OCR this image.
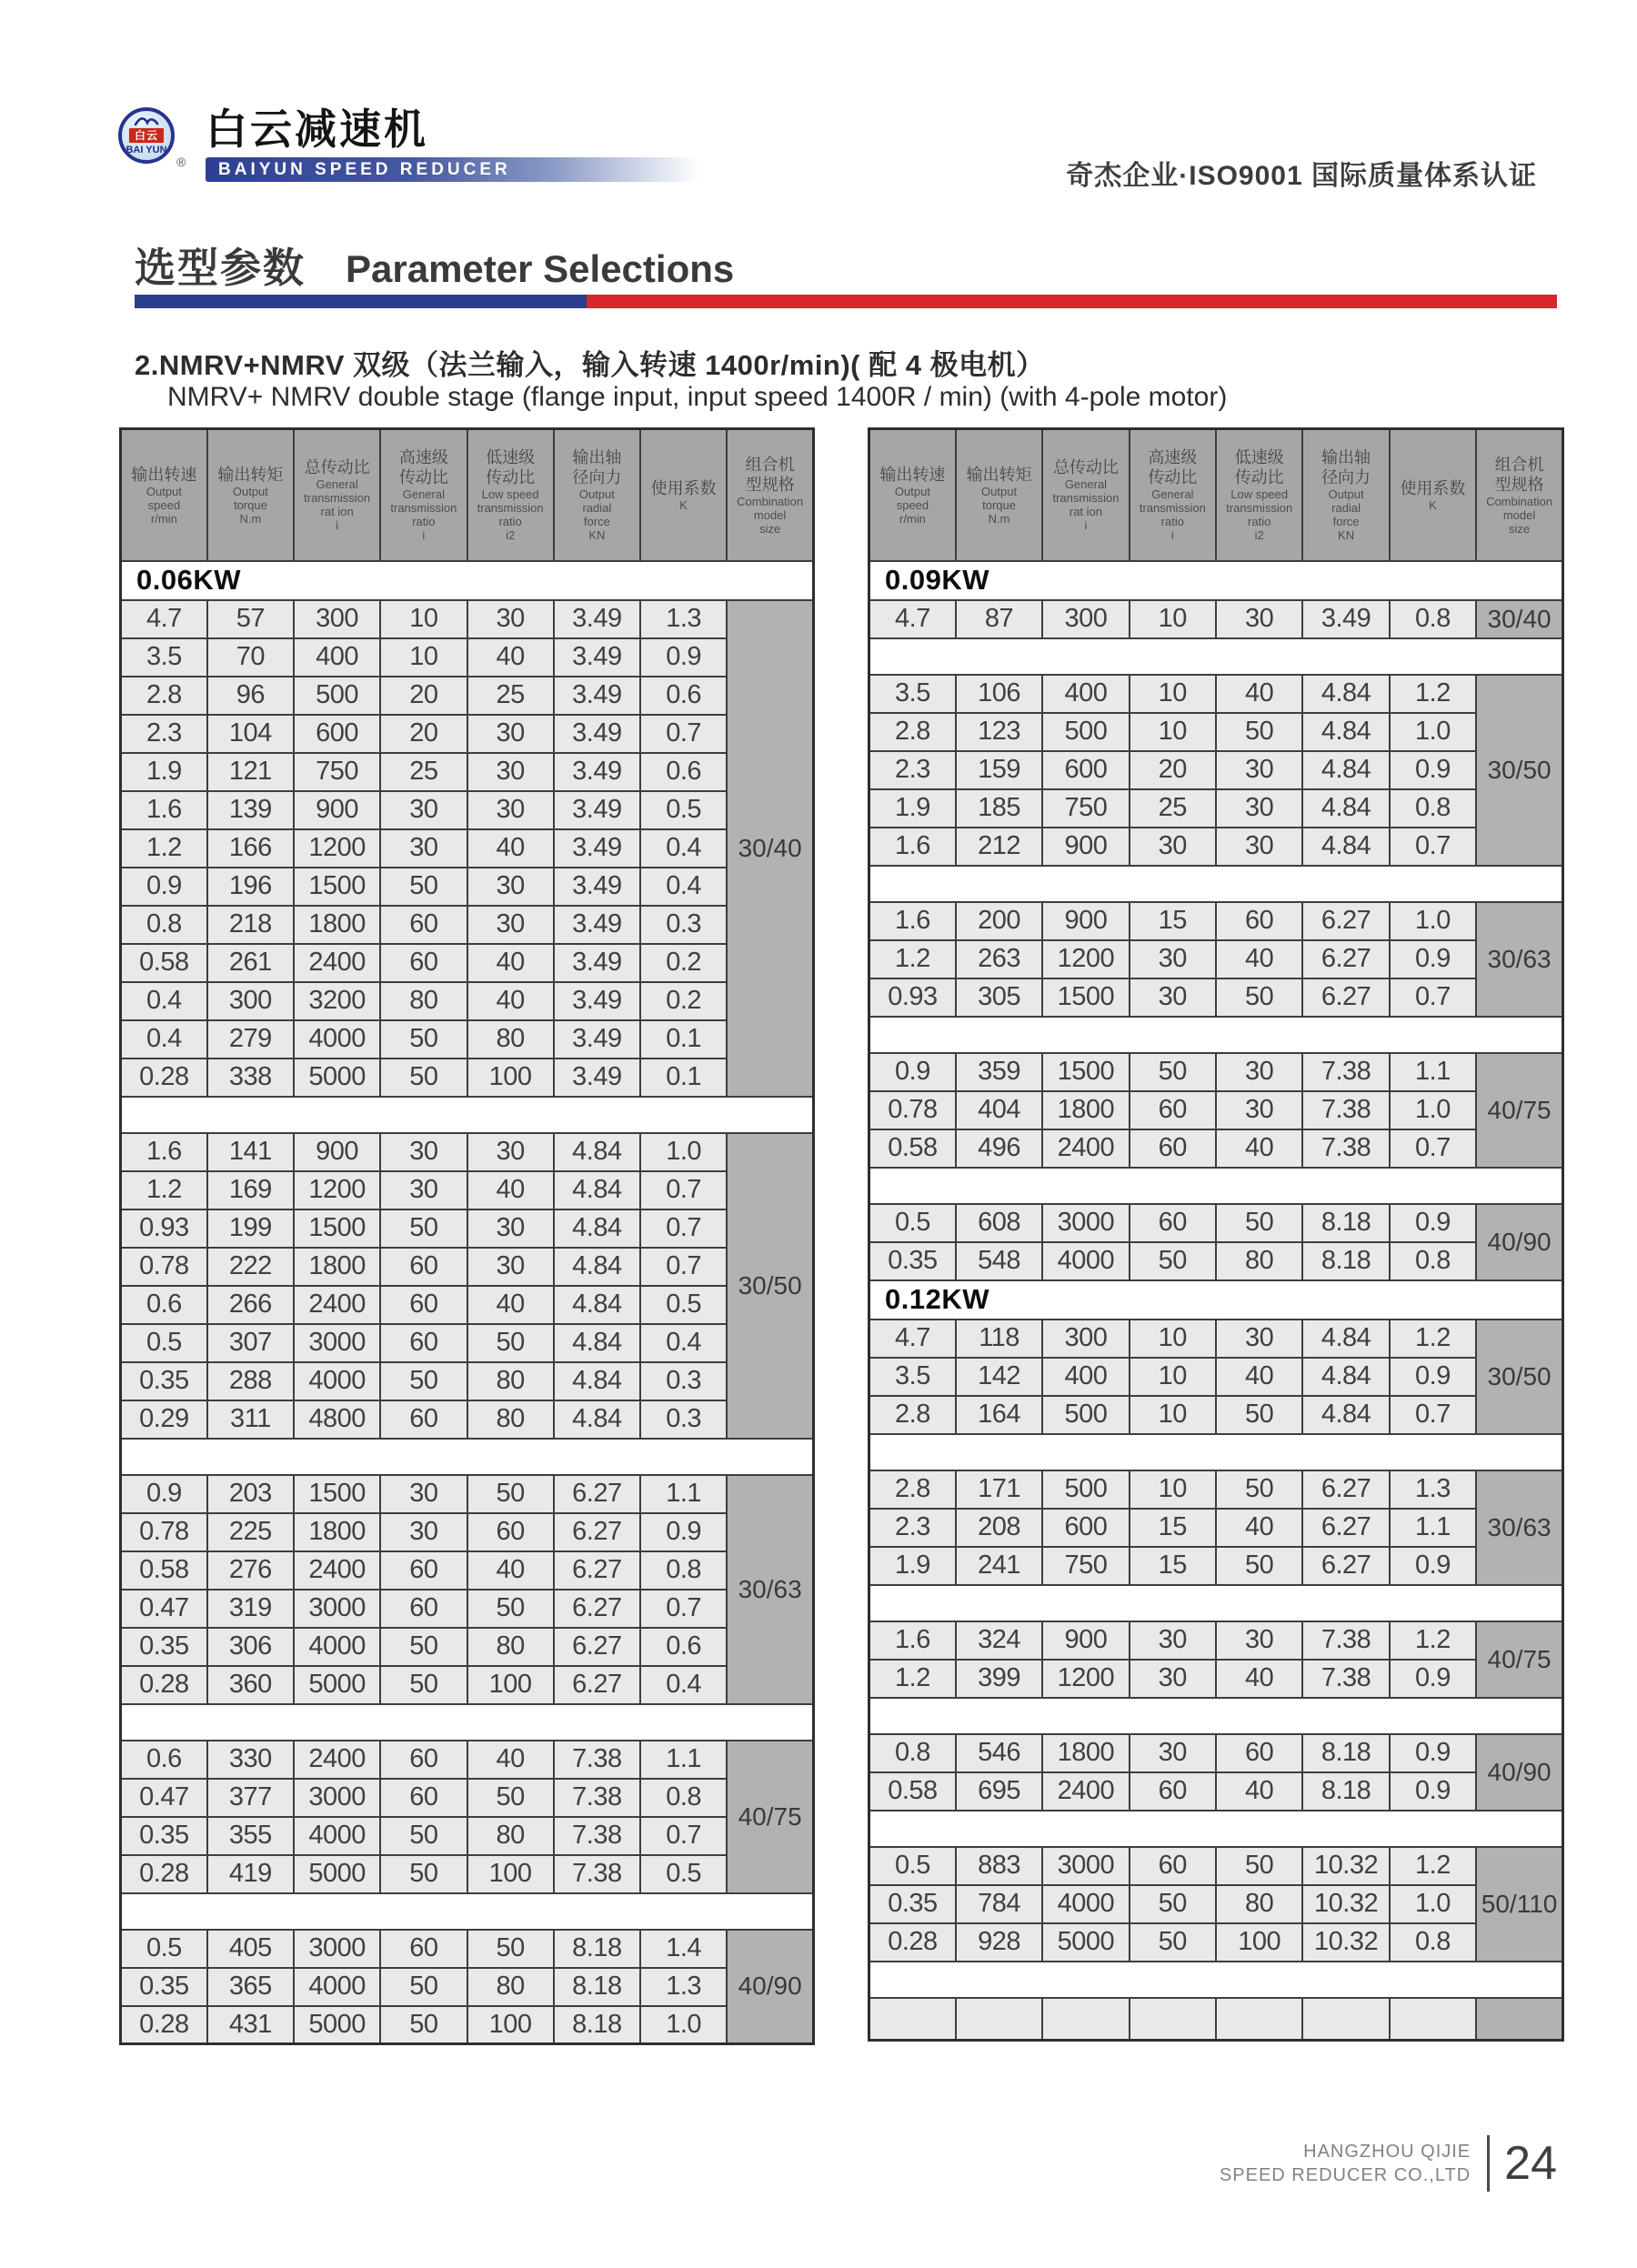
白云
BAI YUN
®
白云减速机
BAIYUN SPEED REDUCER	奇杰企业·ISO9001 国际质量体系认证
选型参数 Parameter Selections
2.NMRV+NMRV 双级（法兰输入，输入转速 1400r/min)( 配 4 极电机）
NMRV+ NMRV double stage (flange input, input speed 1400R / min) (with 4-pole motor)
输出转速
Output
speed
r/min

输出转矩
Output
torque
N.m

总传动比
General
transmission
rat ion
i

高速级
传动比
General
transmission
ratio
i

低速级
传动比
Low speed
transmission
ratio
i2

输出轴
径向力
Output
radial
force
KN

使用系数
K

组合机
型规格
Combination
model
size

0.06KW							
4.7	57	300	10	30	3.49	1.3	30/40
3.5	70	400	10	40	3.49	0.9	
2.8	96	500	20	25	3.49	0.6	
2.3	104	600	20	30	3.49	0.7	
1.9	121	750	25	30	3.49	0.6	
1.6	139	900	30	30	3.49	0.5	
1.2	166	1200	30	40	3.49	0.4	
0.9	196	1500	50	30	3.49	0.4	
0.8	218	1800	60	30	3.49	0.3	
0.58	261	2400	60	40	3.49	0.2	
0.4	300	3200	80	40	3.49	0.2	
0.4	279	4000	50	80	3.49	0.1	
0.28	338	5000	50	100	3.49	0.1	

1.6	141	900	30	30	4.84	1.0	30/50
1.2	169	1200	30	40	4.84	0.7	
0.93	199	1500	50	30	4.84	0.7	
0.78	222	1800	60	30	4.84	0.7	
0.6	266	2400	60	40	4.84	0.5	
0.5	307	3000	60	50	4.84	0.4	
0.35	288	4000	50	80	4.84	0.3	
0.29	311	4800	60	80	4.84	0.3	

0.9	203	1500	30	50	6.27	1.1	30/63
0.78	225	1800	30	60	6.27	0.9	
0.58	276	2400	60	40	6.27	0.8	
0.47	319	3000	60	50	6.27	0.7	
0.35	306	4000	50	80	6.27	0.6	
0.28	360	5000	50	100	6.27	0.4	

0.6	330	2400	60	40	7.38	1.1	40/75
0.47	377	3000	60	50	7.38	0.8	
0.35	355	4000	50	80	7.38	0.7	
0.28	419	5000	50	100	7.38	0.5	

0.5	405	3000	60	50	8.18	1.4	40/90
0.35	365	4000	50	80	8.18	1.3	
0.28	431	5000	50	100	8.18	1.0	
输出转速
Output
speed
r/min

输出转矩
Output
torque
N.m

总传动比
General
transmission
rat ion
i

高速级
传动比
General
transmission
ratio
i

低速级
传动比
Low speed
transmission
ratio
i2

输出轴
径向力
Output
radial
force
KN

使用系数
K

组合机
型规格
Combination
model
size

0.09KW							
4.7	87	300	10	30	3.49	0.8	30/40

3.5	106	400	10	40	4.84	1.2	30/50
2.8	123	500	10	50	4.84	1.0	
2.3	159	600	20	30	4.84	0.9	
1.9	185	750	25	30	4.84	0.8	
1.6	212	900	30	30	4.84	0.7	

1.6	200	900	15	60	6.27	1.0	30/63
1.2	263	1200	30	40	6.27	0.9	
0.93	305	1500	30	50	6.27	0.7	

0.9	359	1500	50	30	7.38	1.1	40/75
0.78	404	1800	60	30	7.38	1.0	
0.58	496	2400	60	40	7.38	0.7	

0.5	608	3000	60	50	8.18	0.9	40/90
0.35	548	4000	50	80	8.18	0.8	
0.12KW							
4.7	118	300	10	30	4.84	1.2	30/50
3.5	142	400	10	40	4.84	0.9	
2.8	164	500	10	50	4.84	0.7	

2.8	171	500	10	50	6.27	1.3	30/63
2.3	208	600	15	40	6.27	1.1	
1.9	241	750	15	50	6.27	0.9	

1.6	324	900	30	30	7.38	1.2	40/75
1.2	399	1200	30	40	7.38	0.9	

0.8	546	1800	30	60	8.18	0.9	40/90
0.58	695	2400	60	40	8.18	0.9	

0.5	883	3000	60	50	10.32	1.2	50/110
0.35	784	4000	50	80	10.32	1.0	
0.28	928	5000	50	100	10.32	0.8	

HANGZHOU QIJIE
SPEED REDUCER CO.,LTD 24
